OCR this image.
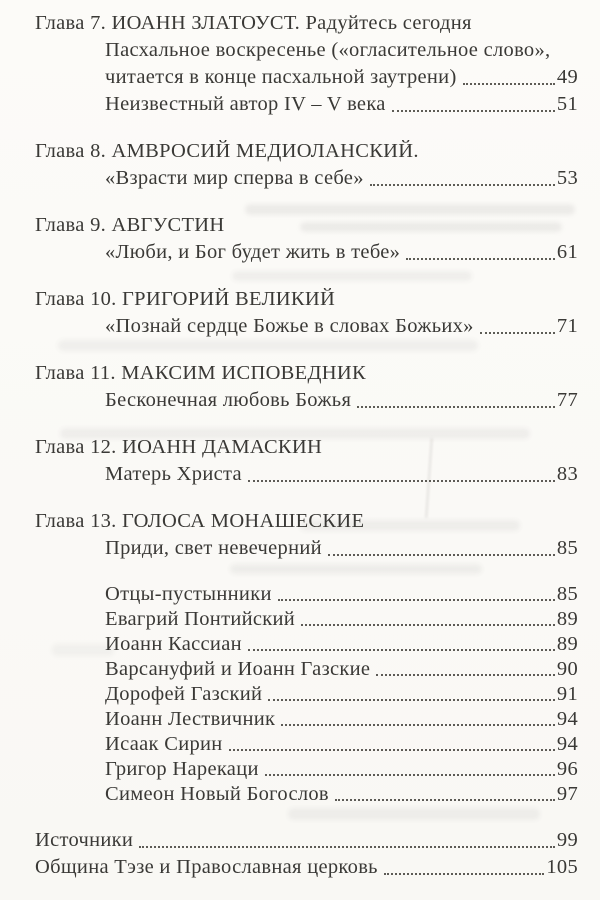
Глава 7. ИОАНН ЗЛАТОУСТ. Радуйтесь сегодня
Пасхальное воскресенье («огласительное слово»,
читается в конце пасхальной заутрени)	49
Неизвестный автор IV – V века	51
Глава 8. АМВРОСИЙ МЕДИОЛАНСКИЙ.
«Взрасти мир сперва в себе»	53
Глава 9. АВГУСТИН
«Люби, и Бог будет жить в тебе»	61
Глава 10. ГРИГОРИЙ ВЕЛИКИЙ
«Познай сердце Божье в словах Божьих»	71
Глава 11. МАКСИМ ИСПОВЕДНИК
Бесконечная любовь Божья	77
Глава 12. ИОАНН ДАМАСКИН
Матерь Христа	83
Глава 13. ГОЛОСА МОНАШЕСКИЕ
Приди, свет невечерний	85
Отцы-пустынники	85
Евагрий Понтийский	89
Иоанн Кассиан	89
Варсануфий и Иоанн Газские	90
Дорофей Газский	91
Иоанн Лествичник	94
Исаак Сирин	94
Григор Нарекаци	96
Симеон Новый Богослов	97
Источники	99
Община Тэзе и Православная церковь	105
